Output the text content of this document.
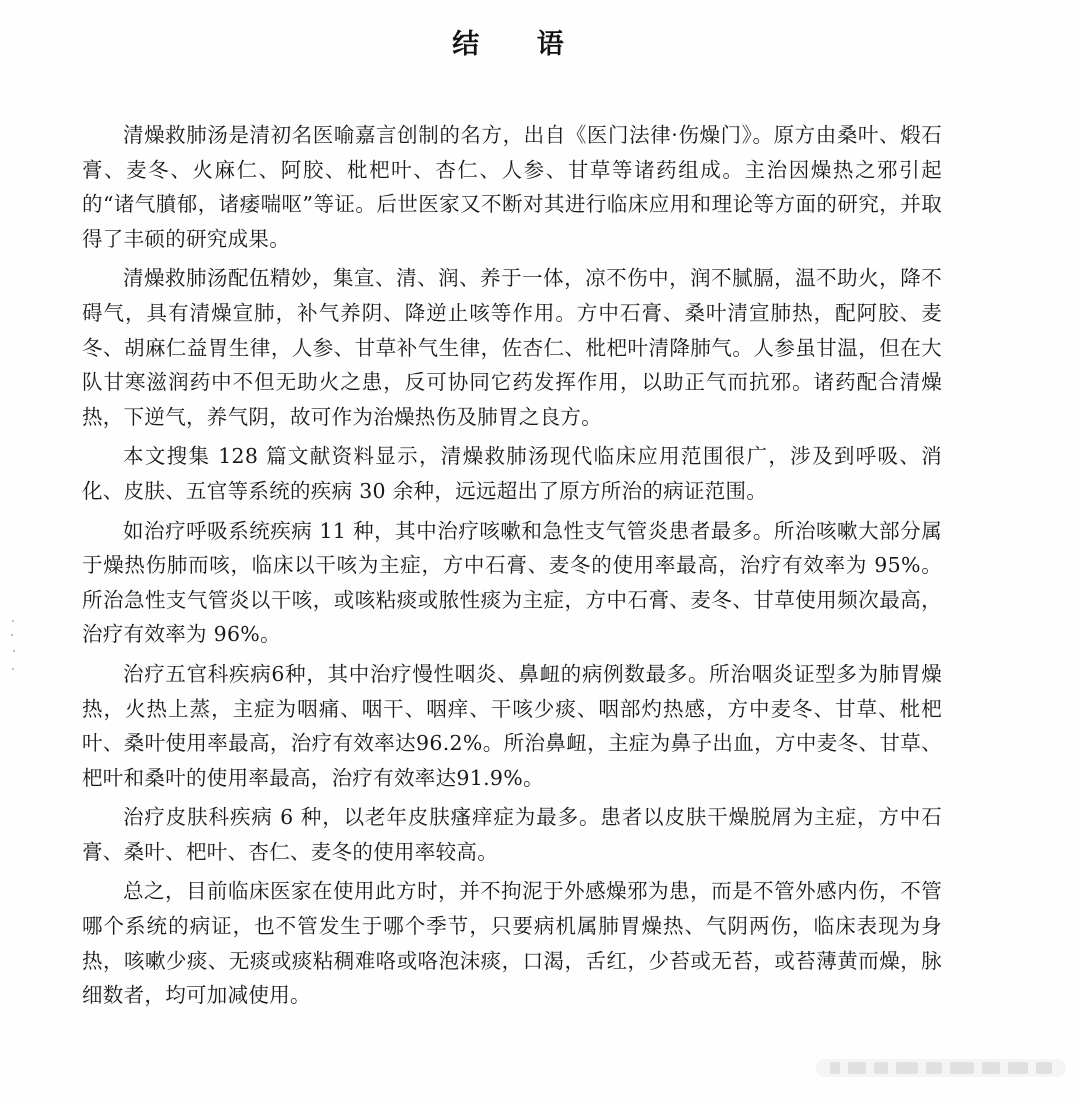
结 语

清燥救肺汤是清初名医喻嘉言创制的名方，出自《医门法律·伤燥门》。原方由桑叶、煅石膏、麦冬、火麻仁、阿胶、枇杷叶、杏仁、人参、甘草等诸药组成。主治因燥热之邪引起的“诸气膹郁，诸痿喘呕”等证。后世医家又不断对其进行临床应用和理论等方面的研究，并取得了丰硕的研究成果。

清燥救肺汤配伍精妙，集宣、清、润、养于一体，凉不伤中，润不腻膈，温不助火，降不碍气，具有清燥宣肺，补气养阴、降逆止咳等作用。方中石膏、桑叶清宣肺热，配阿胶、麦冬、胡麻仁益胃生律，人参、甘草补气生律，佐杏仁、枇杷叶清降肺气。人参虽甘温，但在大队甘寒滋润药中不但无助火之患，反可协同它药发挥作用，以助正气而抗邪。诸药配合清燥热，下逆气，养气阴，故可作为治燥热伤及肺胃之良方。

本文搜集 128 篇文献资料显示，清燥救肺汤现代临床应用范围很广，涉及到呼吸、消化、皮肤、五官等系统的疾病 30 余种，远远超出了原方所治的病证范围。

如治疗呼吸系统疾病 11 种，其中治疗咳嗽和急性支气管炎患者最多。所治咳嗽大部分属于燥热伤肺而咳，临床以干咳为主症，方中石膏、麦冬的使用率最高，治疗有效率为 95%。所治急性支气管炎以干咳，或咳粘痰或脓性痰为主症，方中石膏、麦冬、甘草使用频次最高，治疗有效率为 96%。

治疗五官科疾病6种，其中治疗慢性咽炎、鼻衄的病例数最多。所治咽炎证型多为肺胃燥热，火热上蒸，主症为咽痛、咽干、咽痒、干咳少痰、咽部灼热感，方中麦冬、甘草、枇杷叶、桑叶使用率最高，治疗有效率达96.2%。所治鼻衄，主症为鼻子出血，方中麦冬、甘草、杷叶和桑叶的使用率最高，治疗有效率达91.9%。

治疗皮肤科疾病 6 种，以老年皮肤瘙痒症为最多。患者以皮肤干燥脱屑为主症，方中石膏、桑叶、杷叶、杏仁、麦冬的使用率较高。

总之，目前临床医家在使用此方时，并不拘泥于外感燥邪为患，而是不管外感内伤，不管哪个系统的病证，也不管发生于哪个季节，只要病机属肺胃燥热、气阴两伤，临床表现为身热，咳嗽少痰、无痰或痰粘稠难咯或咯泡沫痰，口渴，舌红，少苔或无苔，或苔薄黄而燥，脉细数者，均可加减使用。
